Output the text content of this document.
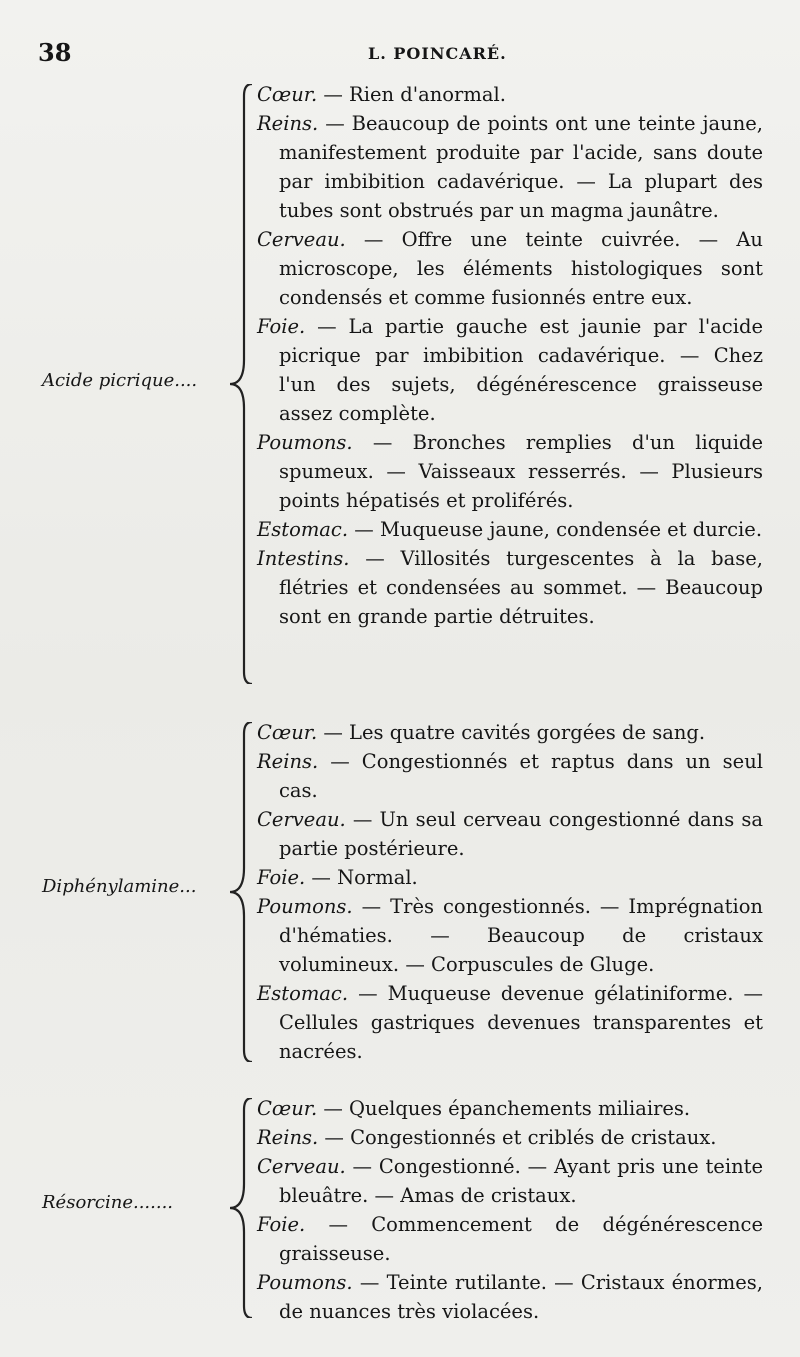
38	L. POINCARÉ.
Acide picrique....

Cœur. — Rien d'anormal.

Reins. — Beaucoup de points ont une teinte jaune, manifestement produite par l'acide, sans doute par imbibition cadavérique. — La plupart des tubes sont obstrués par un magma jaunâtre.

Cerveau. — Offre une teinte cuivrée. — Au microscope, les éléments histologiques sont condensés et comme fusionnés entre eux.

Foie. — La partie gauche est jaunie par l'acide picrique par imbibition cadavérique. — Chez l'un des sujets, dégénérescence graisseuse assez complète.

Poumons. — Bronches remplies d'un liquide spumeux. — Vaisseaux resserrés. — Plusieurs points hépatisés et proliférés.

Estomac. — Muqueuse jaune, condensée et durcie.

Intestins. — Villosités turgescentes à la base, flétries et condensées au sommet. — Beaucoup sont en grande partie détruites.

Diphénylamine...

Cœur. — Les quatre cavités gorgées de sang.

Reins. — Congestionnés et raptus dans un seul cas.

Cerveau. — Un seul cerveau congestionné dans sa partie postérieure.

Foie. — Normal.

Poumons. — Très congestionnés. — Imprégnation d'hématies. — Beaucoup de cristaux volumineux. — Corpuscules de Gluge.

Estomac. — Muqueuse devenue gélatiniforme. — Cellules gastriques devenues transparentes et nacrées.

Résorcine.......

Cœur. — Quelques épanchements miliaires.

Reins. — Congestionnés et criblés de cristaux.

Cerveau. — Congestionné. — Ayant pris une teinte bleuâtre. — Amas de cristaux.

Foie. — Commencement de dégénérescence graisseuse.

Poumons. — Teinte rutilante. — Cristaux énormes, de nuances très violacées.
